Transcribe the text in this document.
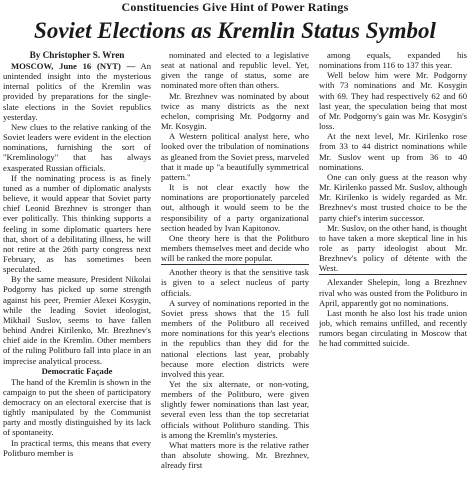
Constituencies Give Hint of Power Ratings
Soviet Elections as Kremlin Status Symbol

By Christopher S. Wren

MOSCOW, June 16 (NYT) — An unintended insight into the mysterious internal politics of the Kremlin was provided by preparations for the single-slate elections in the Soviet republics yesterday.

New clues to the relative ranking of the Soviet leaders were evident in the election nominations, furnishing the sort of "Kremlinology" that has always exasperated Russian officials.

If the nominating process is as finely tuned as a number of diplomatic analysts believe, it would appear that Soviet party chief Leonid Brezhnev is stronger than ever politically. This thinking supports a feeling in some diplomatic quarters here that, short of a debilitating illness, he will not retire at the 26th party congress next February, as has sometimes been speculated.

By the same measure, President Nikolai Podgorny has picked up some strength against his peer, Premier Alexei Kosygin, while the leading Soviet ideologist, Mikhail Suslov, seems to have fallen behind Andrei Kirilenko, Mr. Brezhnev's chief aide in the Kremlin. Other members of the ruling Politburo fall into place in an imprecise analytical process.

Democratic Façade

The hand of the Kremlin is shown in the campaign to put the sheen of participatory democracy on an electoral exercise that is tightly manipulated by the Communist party and mostly distinguished by its lack of spontaneity.

In practical terms, this means that every Politburo member is

nominated and elected to a legislative seat at national and republic level. Yet, given the range of status, some are nominated more often than others.

Mr. Brezhnev was nominated by about twice as many districts as the next echelon, comprising Mr. Podgorny and Mr. Kosygin.

A Western political analyst here, who looked over the tribulation of nominations as gleaned from the Soviet press, marveled that it made up "a beautifully symmetrical pattern."

It is not clear exactly how the nominations are proportionately parceled out, although it would seem to be the responsibility of a party organizational section headed by Ivan Kapitonov.

One theory here is that the Politburo members themselves meet and decide who will be ranked the more popular.

Another theory is that the sensitive task is given to a select nucleus of party officials.

A survey of nominations reported in the Soviet press shows that the 15 full members of the Politburo all received more nominations for this year's elections in the republics than they did for the national elections last year, probably because more election districts were involved this year.

Yet the six alternate, or non-voting, members of the Politburo, were given slightly fewer nominations than last year, several even less than the top secretariat officials without Politburo standing. This is among the Kremlin's mysteries.

What matters more is the relative rather than absolute showing. Mr. Brezhnev, already first

among equals, expanded his nominations from 116 to 137 this year.

Well below him were Mr. Podgorny with 73 nominations and Mr. Kosygin with 69. They had respectively 62 and 60 last year, the speculation being that most of Mr. Podgorny's gain was Mr. Kosygin's loss.

At the next level, Mr. Kirilenko rose from 33 to 44 district nominations while Mr. Suslov went up from 36 to 40 nominations.

One can only guess at the reason why Mr. Kirilenko passed Mr. Suslov, although Mr. Kirilenko is widely regarded as Mr. Brezhnev's most trusted choice to be the party chief's interim successor.

Mr. Suslov, on the other hand, is thought to have taken a more skeptical line in his role as party ideologist about Mr. Brezhnev's policy of détente with the West.

Alexander Shelepin, long a Brezhnev rival who was ousted from the Politburo in April, apparently got no nominations.

Last month he also lost his trade union job, which remains unfilled, and recently rumors began circulating in Moscow that he had committed suicide.
